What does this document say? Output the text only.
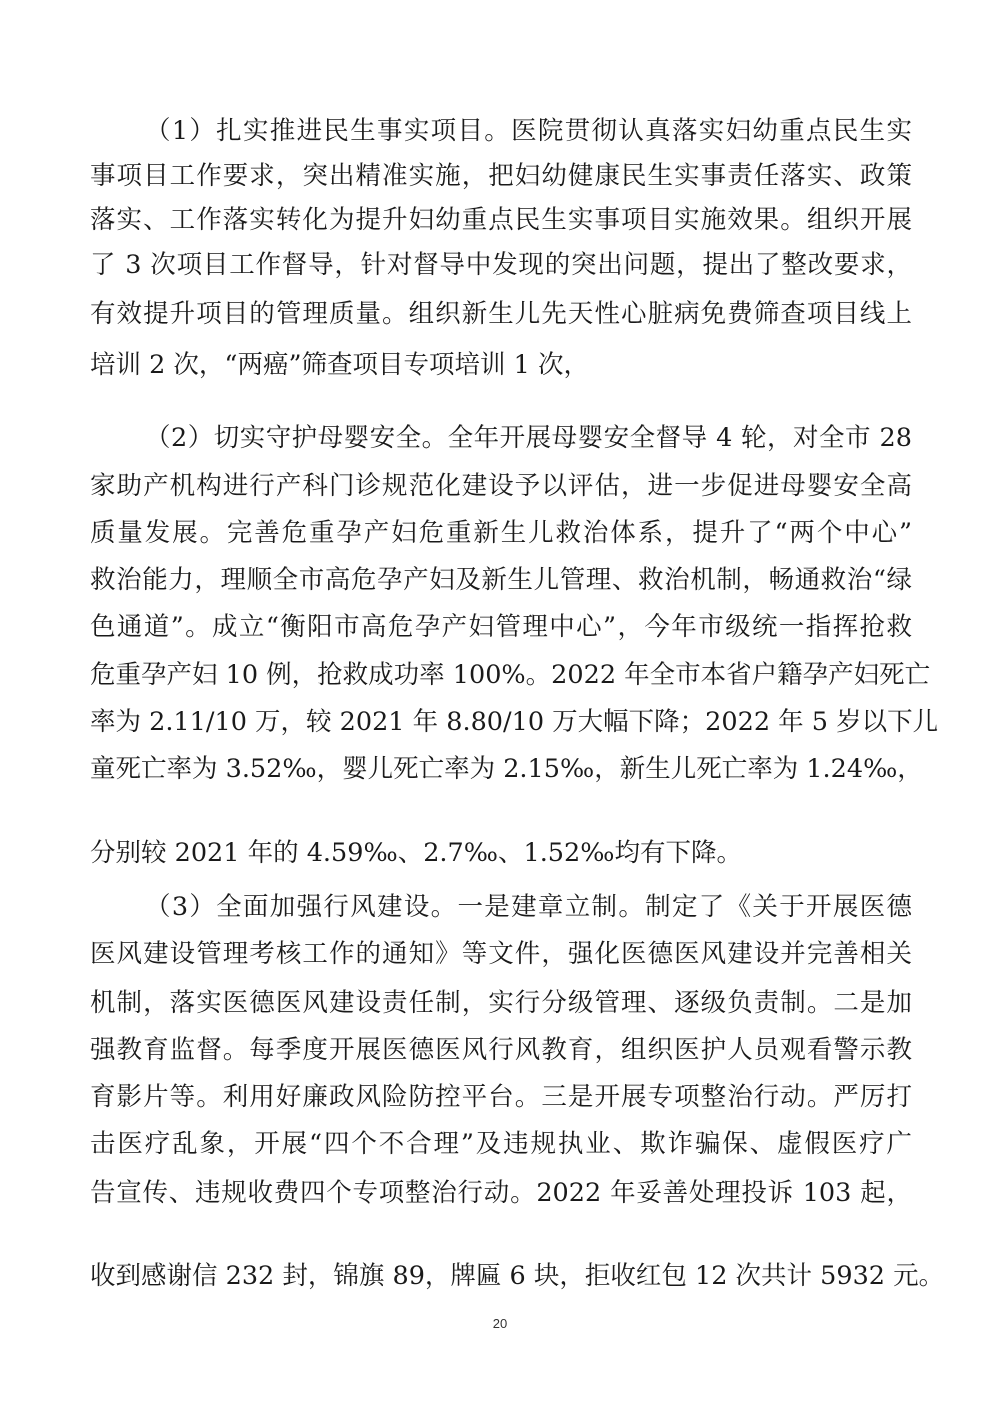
（1）扎实推进民生事实项目。医院贯彻认真落实妇幼重点民生实
事项目工作要求，突出精准实施，把妇幼健康民生实事责任落实、政策
落实、工作落实转化为提升妇幼重点民生实事项目实施效果。组织开展
了 3 次项目工作督导，针对督导中发现的突出问题，提出了整改要求，
有效提升项目的管理质量。组织新生儿先天性心脏病免费筛查项目线上
培训 2 次，“两癌”筛查项目专项培训 1 次，
（2）切实守护母婴安全。全年开展母婴安全督导 4 轮，对全市 28
家助产机构进行产科门诊规范化建设予以评估，进一步促进母婴安全高
质量发展。完善危重孕产妇危重新生儿救治体系，提升了“两个中心”
救治能力，理顺全市高危孕产妇及新生儿管理、救治机制，畅通救治“绿
色通道”。成立“衡阳市高危孕产妇管理中心”，今年市级统一指挥抢救
危重孕产妇 10 例，抢救成功率 100%。2022 年全市本省户籍孕产妇死亡
率为 2.11/10 万，较 2021 年 8.80/10 万大幅下降；2022 年 5 岁以下儿
童死亡率为 3.52‰，婴儿死亡率为 2.15‰，新生儿死亡率为 1.24‰，
分别较 2021 年的 4.59‰、2.7‰、1.52‰均有下降。
（3）全面加强行风建设。一是建章立制。制定了《关于开展医德
医风建设管理考核工作的通知》等文件，强化医德医风建设并完善相关
机制，落实医德医风建设责任制，实行分级管理、逐级负责制。二是加
强教育监督。每季度开展医德医风行风教育，组织医护人员观看警示教
育影片等。利用好廉政风险防控平台。三是开展专项整治行动。严厉打
击医疗乱象，开展“四个不合理”及违规执业、欺诈骗保、虚假医疗广
告宣传、违规收费四个专项整治行动。2022 年妥善处理投诉 103 起，
收到感谢信 232 封，锦旗 89，牌匾 6 块，拒收红包 12 次共计 5932 元。
20
